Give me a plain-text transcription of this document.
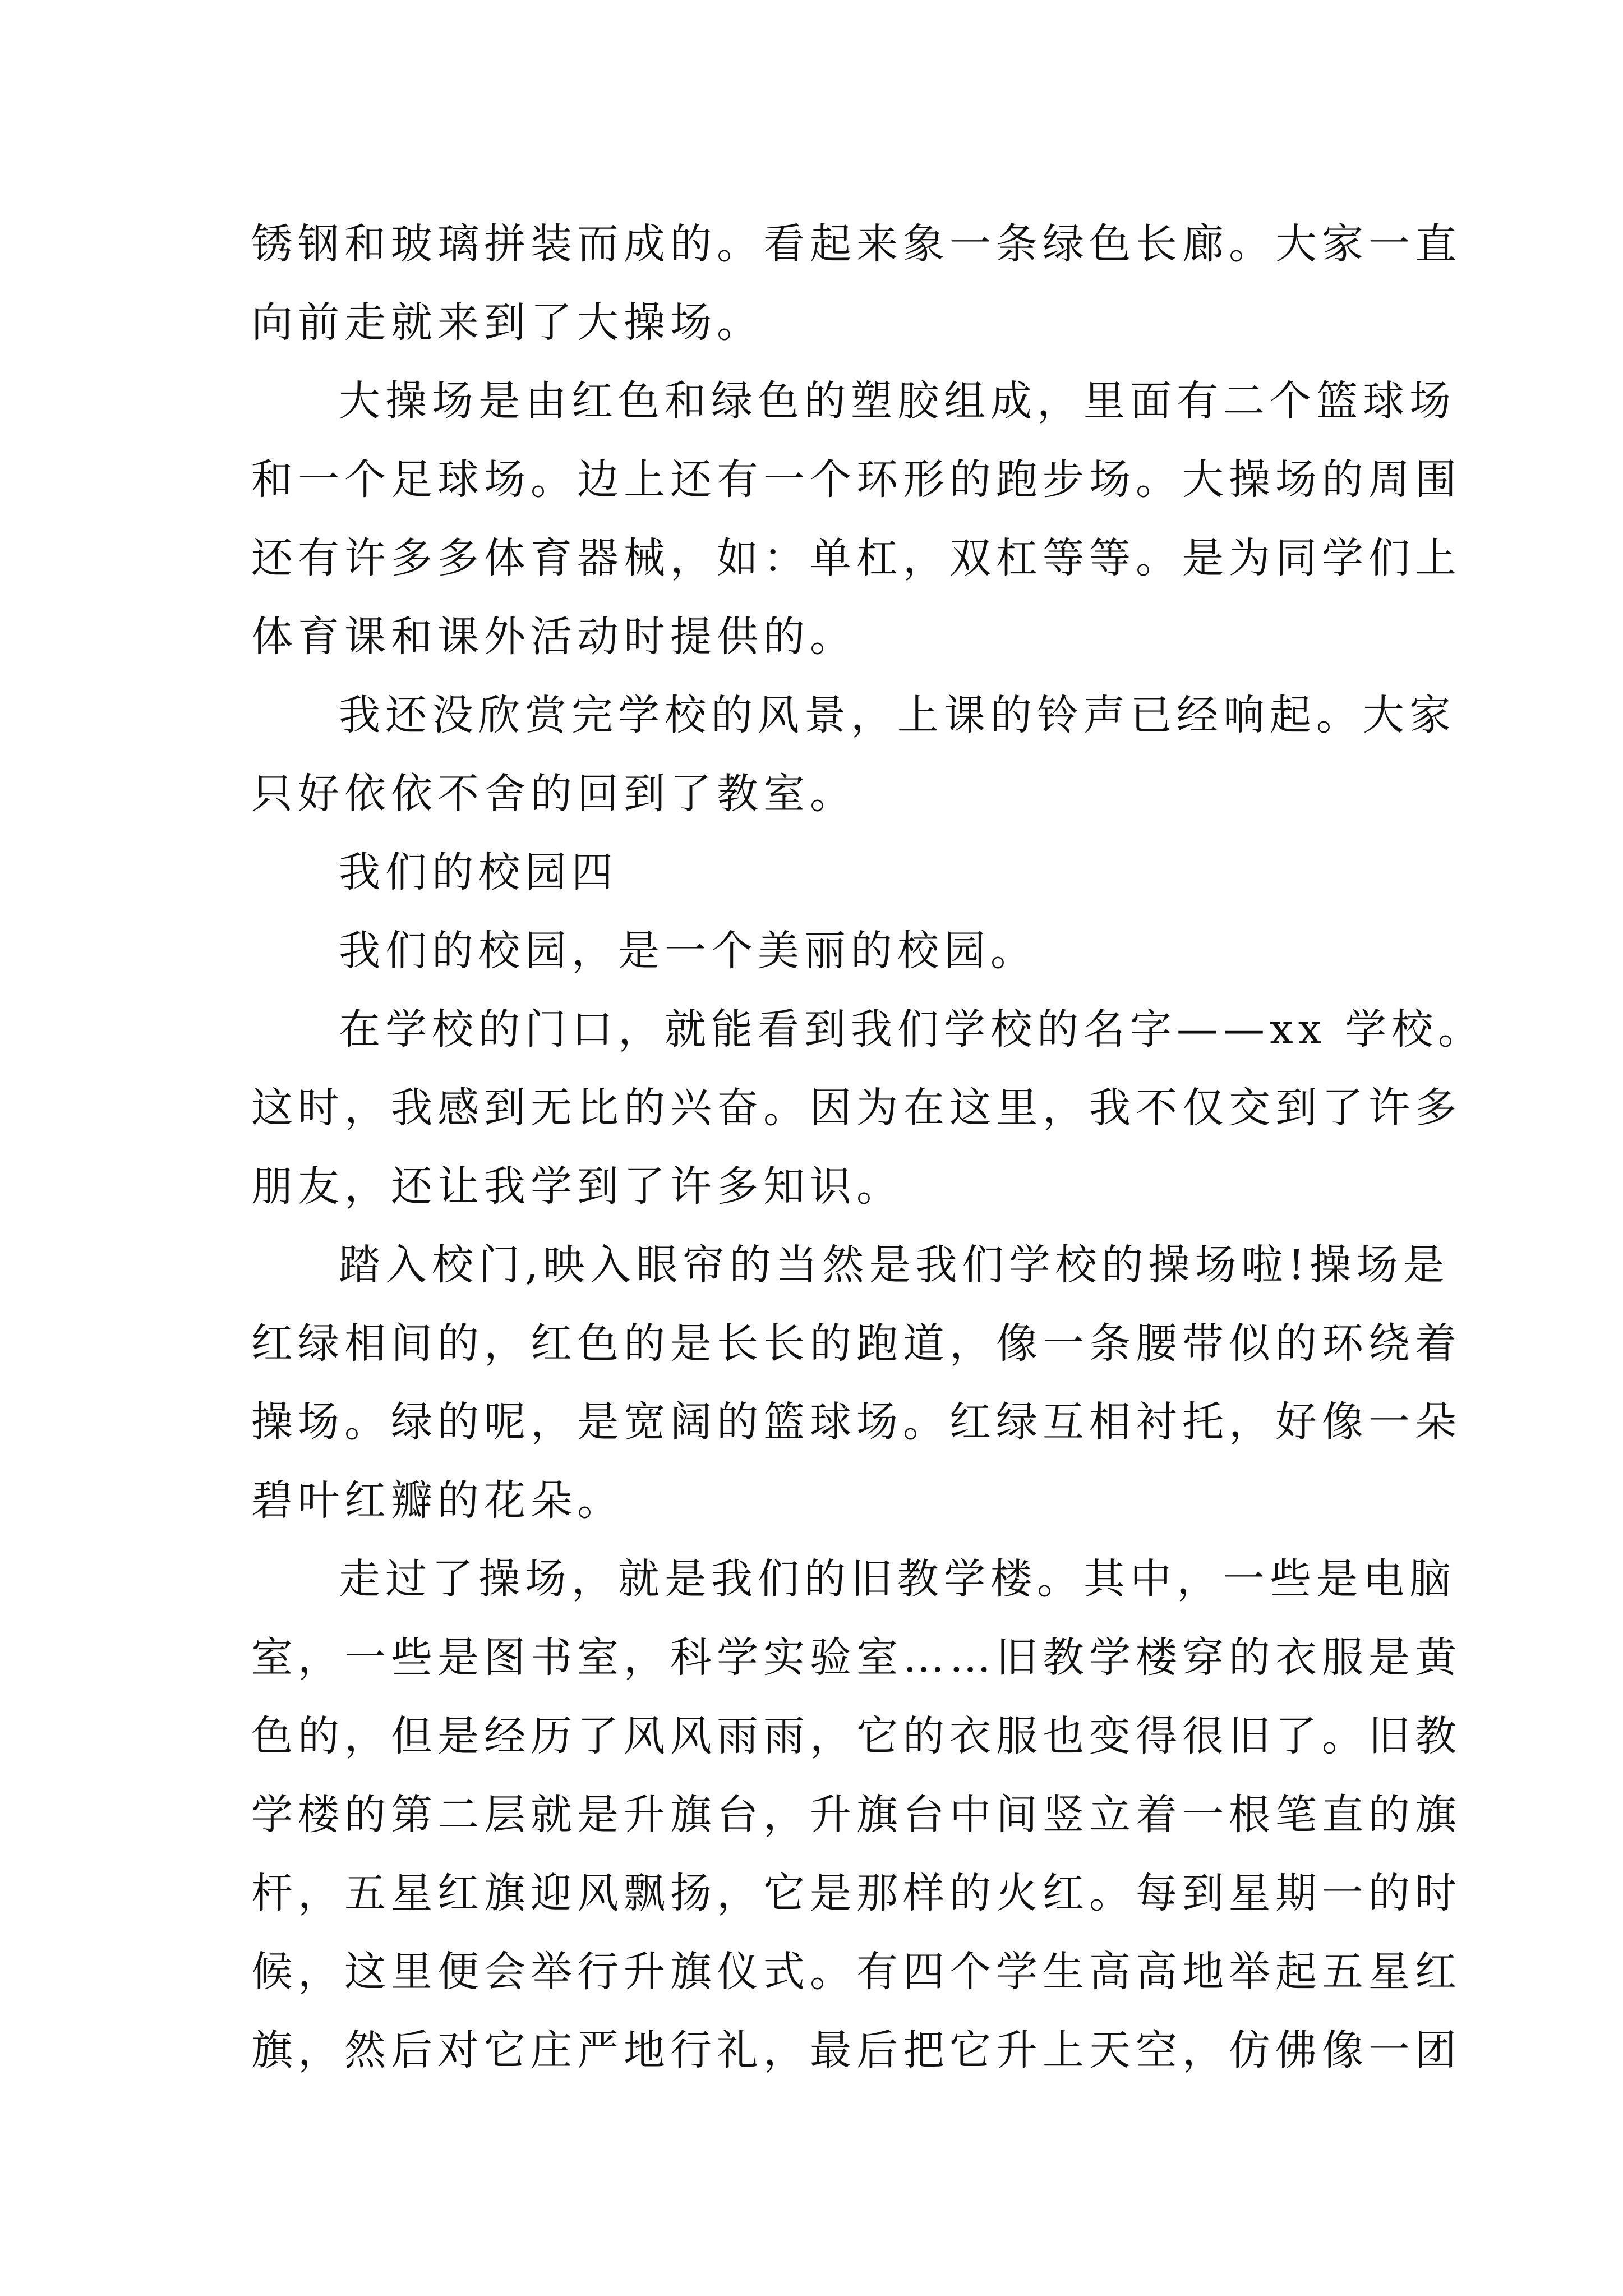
锈钢和玻璃拼装而成的。看起来象一条绿色长廊。大家一直
向前走就来到了大操场。
大操场是由红色和绿色的塑胶组成，里面有二个篮球场
和一个足球场。边上还有一个环形的跑步场。大操场的周围
还有许多多体育器械，如：单杠，双杠等等。是为同学们上
体育课和课外活动时提供的。
我还没欣赏完学校的风景，上课的铃声已经响起。大家
只好依依不舍的回到了教室。
我们的校园四
我们的校园，是一个美丽的校园。
在学校的门口，就能看到我们学校的名字——xx 学校。
这时，我感到无比的兴奋。因为在这里，我不仅交到了许多
朋友，还让我学到了许多知识。
踏入校门,映入眼帘的当然是我们学校的操场啦!操场是
红绿相间的，红色的是长长的跑道，像一条腰带似的环绕着
操场。绿的呢，是宽阔的篮球场。红绿互相衬托，好像一朵
碧叶红瓣的花朵。
走过了操场，就是我们的旧教学楼。其中，一些是电脑
室，一些是图书室，科学实验室……旧教学楼穿的衣服是黄
色的，但是经历了风风雨雨，它的衣服也变得很旧了。旧教
学楼的第二层就是升旗台，升旗台中间竖立着一根笔直的旗
杆，五星红旗迎风飘扬，它是那样的火红。每到星期一的时
候，这里便会举行升旗仪式。有四个学生高高地举起五星红
旗，然后对它庄严地行礼，最后把它升上天空，仿佛像一团
